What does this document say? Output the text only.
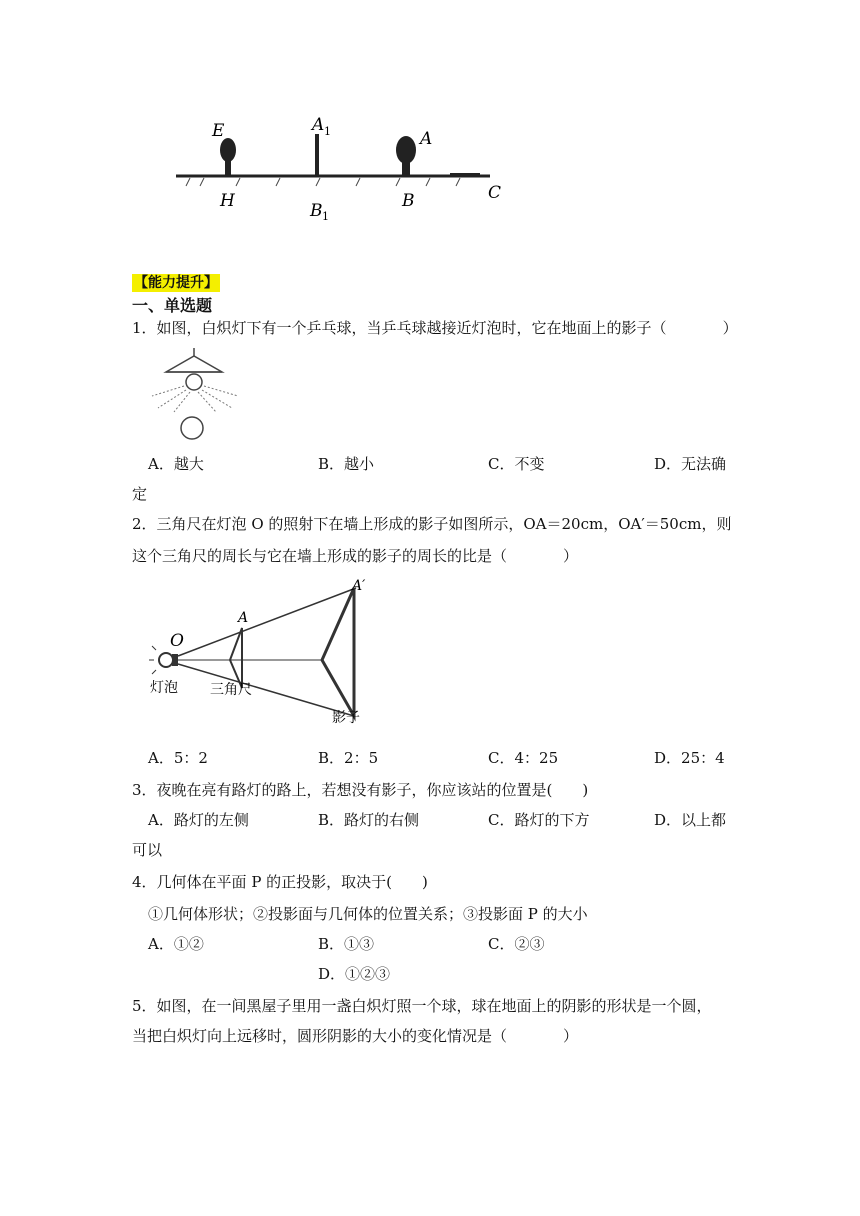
E	A 1	A
H	B 1
B	C
【能力提升】
一、单选题
1．如图，白炽灯下有一个乒乓球，当乒乓球越接近灯泡时，它在地面上的影子（	）
A．越大	B．越小	C．不变	D．无法确
定
2．三角尺在灯泡 O 的照射下在墙上形成的影子如图所示，OA＝20cm，OA′＝50cm，则
这个三角尺的周长与它在墙上形成的影子的周长的比是（	）
O
A
A′
灯泡 三角尺
影子
A．5：2	B．2：5	C．4：25	D．25：4
3．夜晚在亮有路灯的路上，若想没有影子，你应该站的位置是( )
A．路灯的左侧	B．路灯的右侧	C．路灯的下方	D．以上都
可以
4．几何体在平面 P 的正投影，取决于( )
①几何体形状；②投影面与几何体的位置关系；③投影面 P 的大小
A．①②	B．①③	C．②③
D．①②③
5．如图，在一间黑屋子里用一盏白炽灯照一个球，球在地面上的阴影的形状是一个圆，
当把白炽灯向上远移时，圆形阴影的大小的变化情况是（	）
